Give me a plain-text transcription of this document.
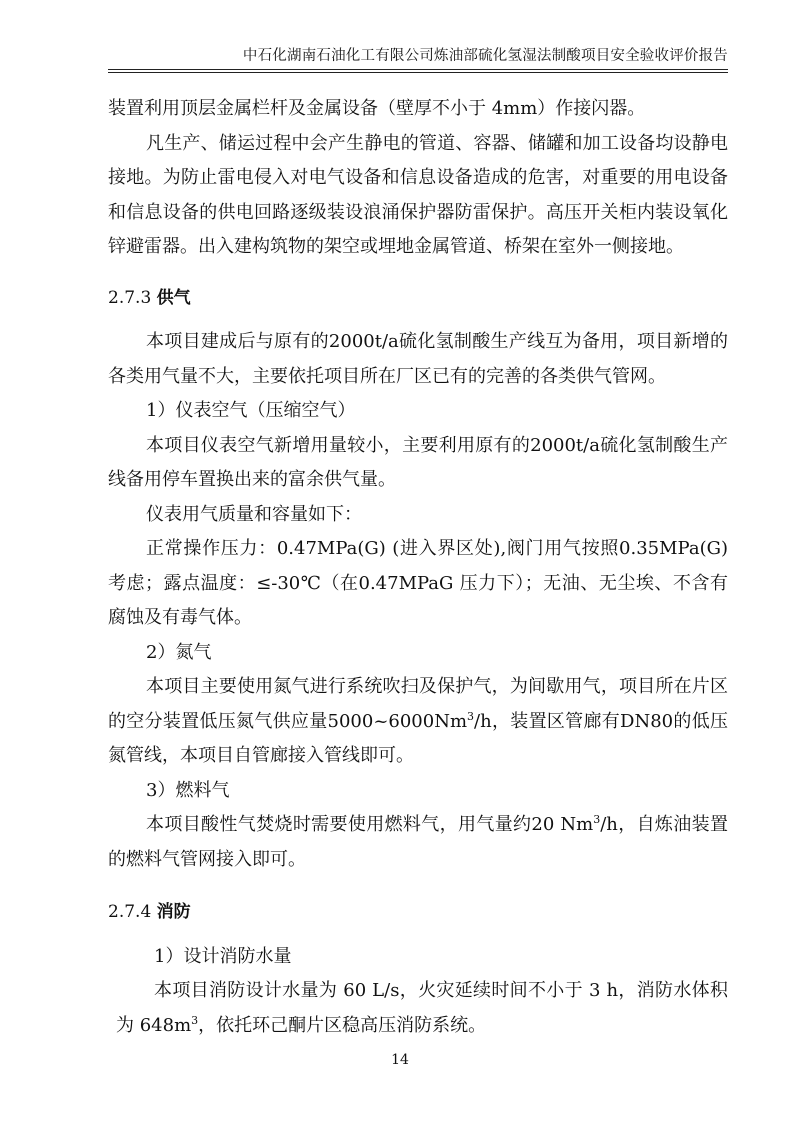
中石化湖南石油化工有限公司炼油部硫化氢湿法制酸项目安全验收评价报告

装置利用顶层金属栏杆及金属设备（壁厚不小于 4mm）作接闪器。

凡生产、储运过程中会产生静电的管道、容器、储罐和加工设备均设静电接地。为防止雷电侵入对电气设备和信息设备造成的危害，对重要的用电设备和信息设备的供电回路逐级装设浪涌保护器防雷保护。高压开关柜内装设氧化锌避雷器。出入建构筑物的架空或埋地金属管道、桥架在室外一侧接地。

2.7.3 供气

本项目建成后与原有的2000t/a硫化氢制酸生产线互为备用，项目新增的各类用气量不大，主要依托项目所在厂区已有的完善的各类供气管网。

1）仪表空气（压缩空气）

本项目仪表空气新增用量较小，主要利用原有的2000t/a硫化氢制酸生产线备用停车置换出来的富余供气量。

仪表用气质量和容量如下：

正常操作压力：0.47MPa(G) (进入界区处),阀门用气按照0.35MPa(G)考虑；露点温度：≤-30℃（在0.47MPaG 压力下）；无油、无尘埃、不含有腐蚀及有毒气体。

2）氮气

本项目主要使用氮气进行系统吹扫及保护气，为间歇用气，项目所在片区的空分装置低压氮气供应量5000~6000Nm$^3$/h，装置区管廊有DN80的低压氮管线，本项目自管廊接入管线即可。

3）燃料气

本项目酸性气焚烧时需要使用燃料气，用气量约20 Nm$^3$/h，自炼油装置的燃料气管网接入即可。

2.7.4 消防

1）设计消防水量

本项目消防设计水量为 60 L/s，火灾延续时间不小于 3 h，消防水体积为 $648m^3$，依托环己酮片区稳高压消防系统。

14
